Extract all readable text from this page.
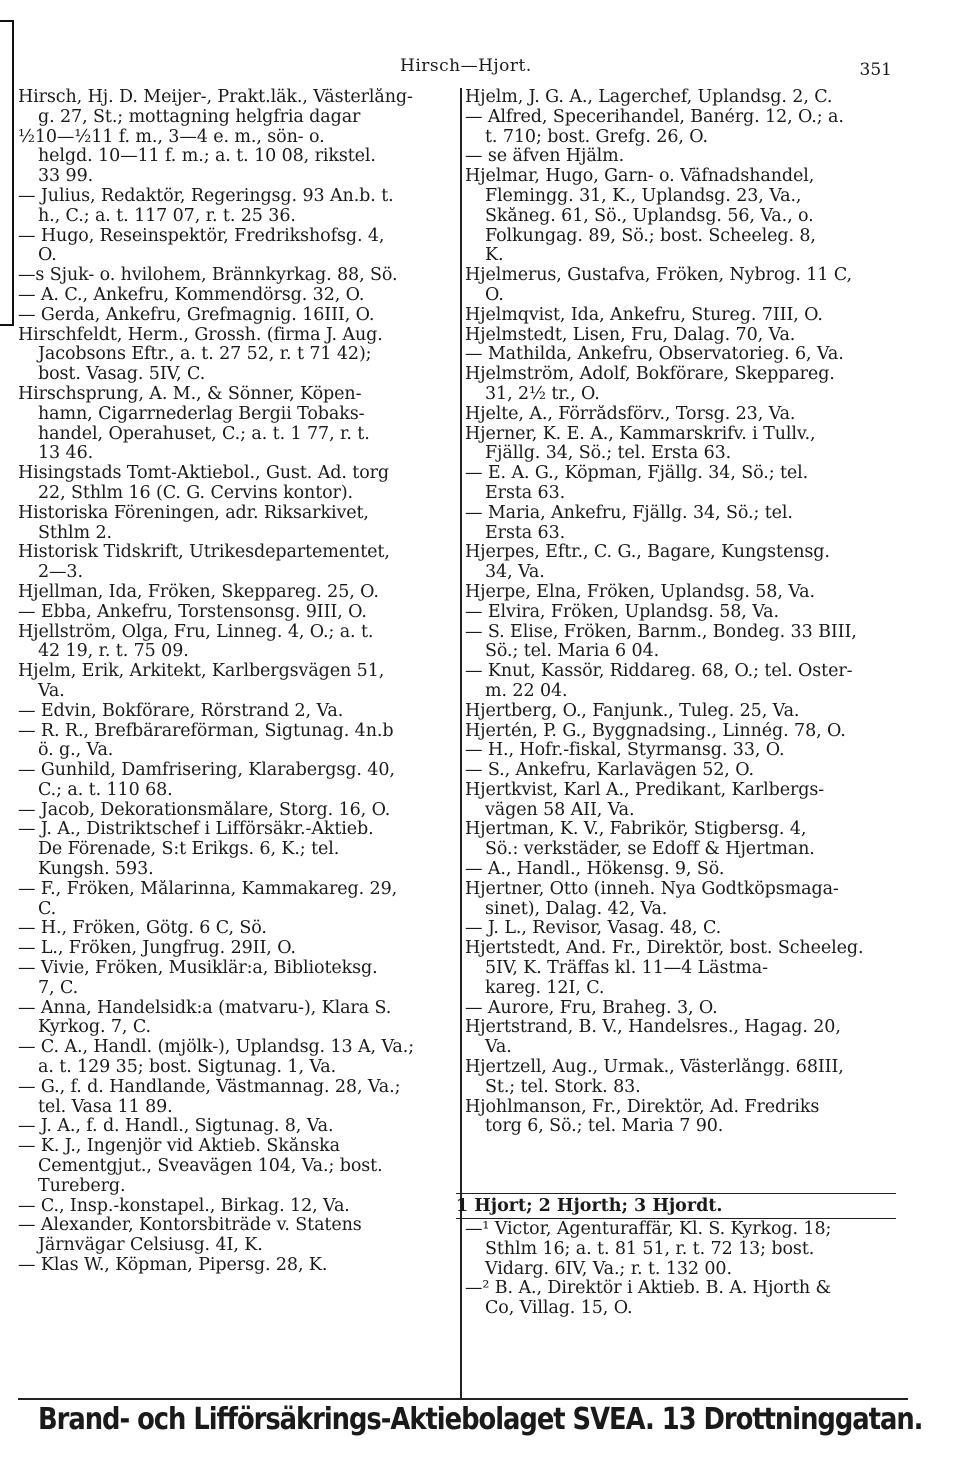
Hirsch—Hjort.	351
Hirsch, Hj. D. Meijer-, Prakt.läk., Västerlång-
g. 27, St.; mottagning helgfria dagar
½10—½11 f. m., 3—4 e. m., sön- o.
helgd. 10—11 f. m.; a. t. 10 08, rikstel.
33 99.
— Julius, Redaktör, Regeringsg. 93 An.b. t.
h., C.; a. t. 117 07, r. t. 25 36.
— Hugo, Reseinspektör, Fredrikshofsg. 4,
Ö.
—s Sjuk- o. hvilohem, Brännkyrkag. 88, Sö.
— A. C., Änkefru, Kommendörsg. 32, Ö.
— Gerda, Änkefru, Grefmagnig. 16III, Ö.
Hirschfeldt, Herm., Grossh. (firma J. Aug.
Jacobsons Eftr., a. t. 27 52, r. t 71 42);
bost. Vasag. 5IV, C.
Hirschsprung, A. M., & Sönner, Köpen-
hamn, Cigarrnederlag Bergii Tobaks-
handel, Operahuset, C.; a. t. 1 77, r. t.
13 46.
Hisingstads Tomt-Aktiebol., Gust. Ad. torg
22, Sthlm 16 (C. G. Cervins kontor).
Historiska Föreningen, adr. Riksarkivet,
Sthlm 2.
Historisk Tidskrift, Utrikesdepartementet,
2—3.
Hjellman, Ida, Fröken, Skeppareg. 25, Ö.
— Ebba, Änkefru, Torstensonsg. 9III, Ö.
Hjellström, Olga, Fru, Linneg. 4, Ö.; a. t.
42 19, r. t. 75 09.
Hjelm, Erik, Arkitekt, Karlbergsvägen 51,
Va.
— Edvin, Bokförare, Rörstrand 2, Va.
— R. R., Brefbärareförman, Sigtunag. 4n.b
ö. g., Va.
— Gunhild, Damfrisering, Klarabergsg. 40,
C.; a. t. 110 68.
— Jacob, Dekorationsmålare, Storg. 16, Ö.
— J. A., Distriktschef i Lifförsäkr.-Aktieb.
De Förenade, S:t Erikgs. 6, K.; tel.
Kungsh. 593.
— F., Fröken, Målarinna, Kammakareg. 29,
C.
— H., Fröken, Götg. 6 C, Sö.
— L., Fröken, Jungfrug. 29II, Ö.
— Vivie, Fröken, Musiklär:a, Biblioteksg.
7, C.
— Anna, Handelsidk:a (matvaru-), Klara S.
Kyrkog. 7, C.
— C. A., Handl. (mjölk-), Uplandsg. 13 A, Va.;
a. t. 129 35; bost. Sigtunag. 1, Va.
— G., f. d. Handlande, Västmannag. 28, Va.;
tel. Vasa 11 89.
— J. A., f. d. Handl., Sigtunag. 8, Va.
— K. J., Ingenjör vid Aktieb. Skånska
Cementgjut., Sveavägen 104, Va.; bost.
Tureberg.
— C., Insp.-konstapel., Birkag. 12, Va.
— Alexander, Kontorsbiträde v. Statens
Järnvägar Celsiusg. 4I, K.
— Klas W., Köpman, Pipersg. 28, K.
Hjelm, J. G. A., Lagerchef, Uplandsg. 2, C.
— Alfred, Specerihandel, Banérg. 12, Ö.; a.
t. 710; bost. Grefg. 26, Ö.
— se äfven Hjälm.
Hjelmar, Hugo, Garn- o. Väfnadshandel,
Flemingg. 31, K., Uplandsg. 23, Va.,
Skåneg. 61, Sö., Uplandsg. 56, Va., o.
Folkungag. 89, Sö.; bost. Scheeleg. 8,
K.
Hjelmerus, Gustafva, Fröken, Nybrog. 11 C,
Ö.
Hjelmqvist, Ida, Änkefru, Stureg. 7III, Ö.
Hjelmstedt, Lisen, Fru, Dalag. 70, Va.
— Mathilda, Änkefru, Observatorieg. 6, Va.
Hjelmström, Adolf, Bokförare, Skeppareg.
31, 2½ tr., Ö.
Hjelte, A., Förrådsförv., Torsg. 23, Va.
Hjerner, K. E. A., Kammarskrifv. i Tullv.,
Fjällg. 34, Sö.; tel. Ersta 63.
— E. A. G., Köpman, Fjällg. 34, Sö.; tel.
Ersta 63.
— Maria, Änkefru, Fjällg. 34, Sö.; tel.
Ersta 63.
Hjerpes, Eftr., C. G., Bagare, Kungstensg.
34, Va.
Hjerpe, Elna, Fröken, Uplandsg. 58, Va.
— Elvira, Fröken, Uplandsg. 58, Va.
— S. Elise, Fröken, Barnm., Bondeg. 33 BIII,
Sö.; tel. Maria 6 04.
— Knut, Kassör, Riddareg. 68, Ö.; tel. Öster-
m. 22 04.
Hjertberg, O., Fanjunk., Tuleg. 25, Va.
Hjertén, P. G., Byggnadsing., Linnég. 78, Ö.
— H., Hofr.-fiskal, Styrmansg. 33, Ö.
— S., Änkefru, Karlavägen 52, Ö.
Hjertkvist, Karl A., Predikant, Karlbergs-
vägen 58 AII, Va.
Hjertman, K. V., Fabrikör, Stigbersg. 4,
Sö.: verkstäder, se Edoff & Hjertman.
— A., Handl., Hökensg. 9, Sö.
Hjertner, Otto (inneh. Nya Godtköpsmaga-
sinet), Dalag. 42, Va.
— J. L., Revisor, Vasag. 48, C.
Hjertstedt, And. Fr., Direktör, bost. Scheeleg.
5IV, K. Träffas kl. 11—4 Lästma-
kareg. 12I, C.
— Aurore, Fru, Braheg. 3, Ö.
Hjertstrand, B. V., Handelsres., Hagag. 20,
Va.
Hjertzell, Aug., Urmak., Västerlångg. 68III,
St.; tel. Stork. 83.
Hjohlmanson, Fr., Direktör, Ad. Fredriks
torg 6, Sö.; tel. Maria 7 90.
1 Hjort; 2 Hjorth; 3 Hjordt.
—¹ Victor, Agenturaffär, Kl. S. Kyrkog. 18;
Sthlm 16; a. t. 81 51, r. t. 72 13; bost.
Vidarg. 6IV, Va.; r. t. 132 00.
—² B. A., Direktör i Aktieb. B. A. Hjorth &
Co, Villag. 15, Ö.
Brand- och Lifförsäkrings-Aktiebolaget SVEA. 13 Drottninggatan.
